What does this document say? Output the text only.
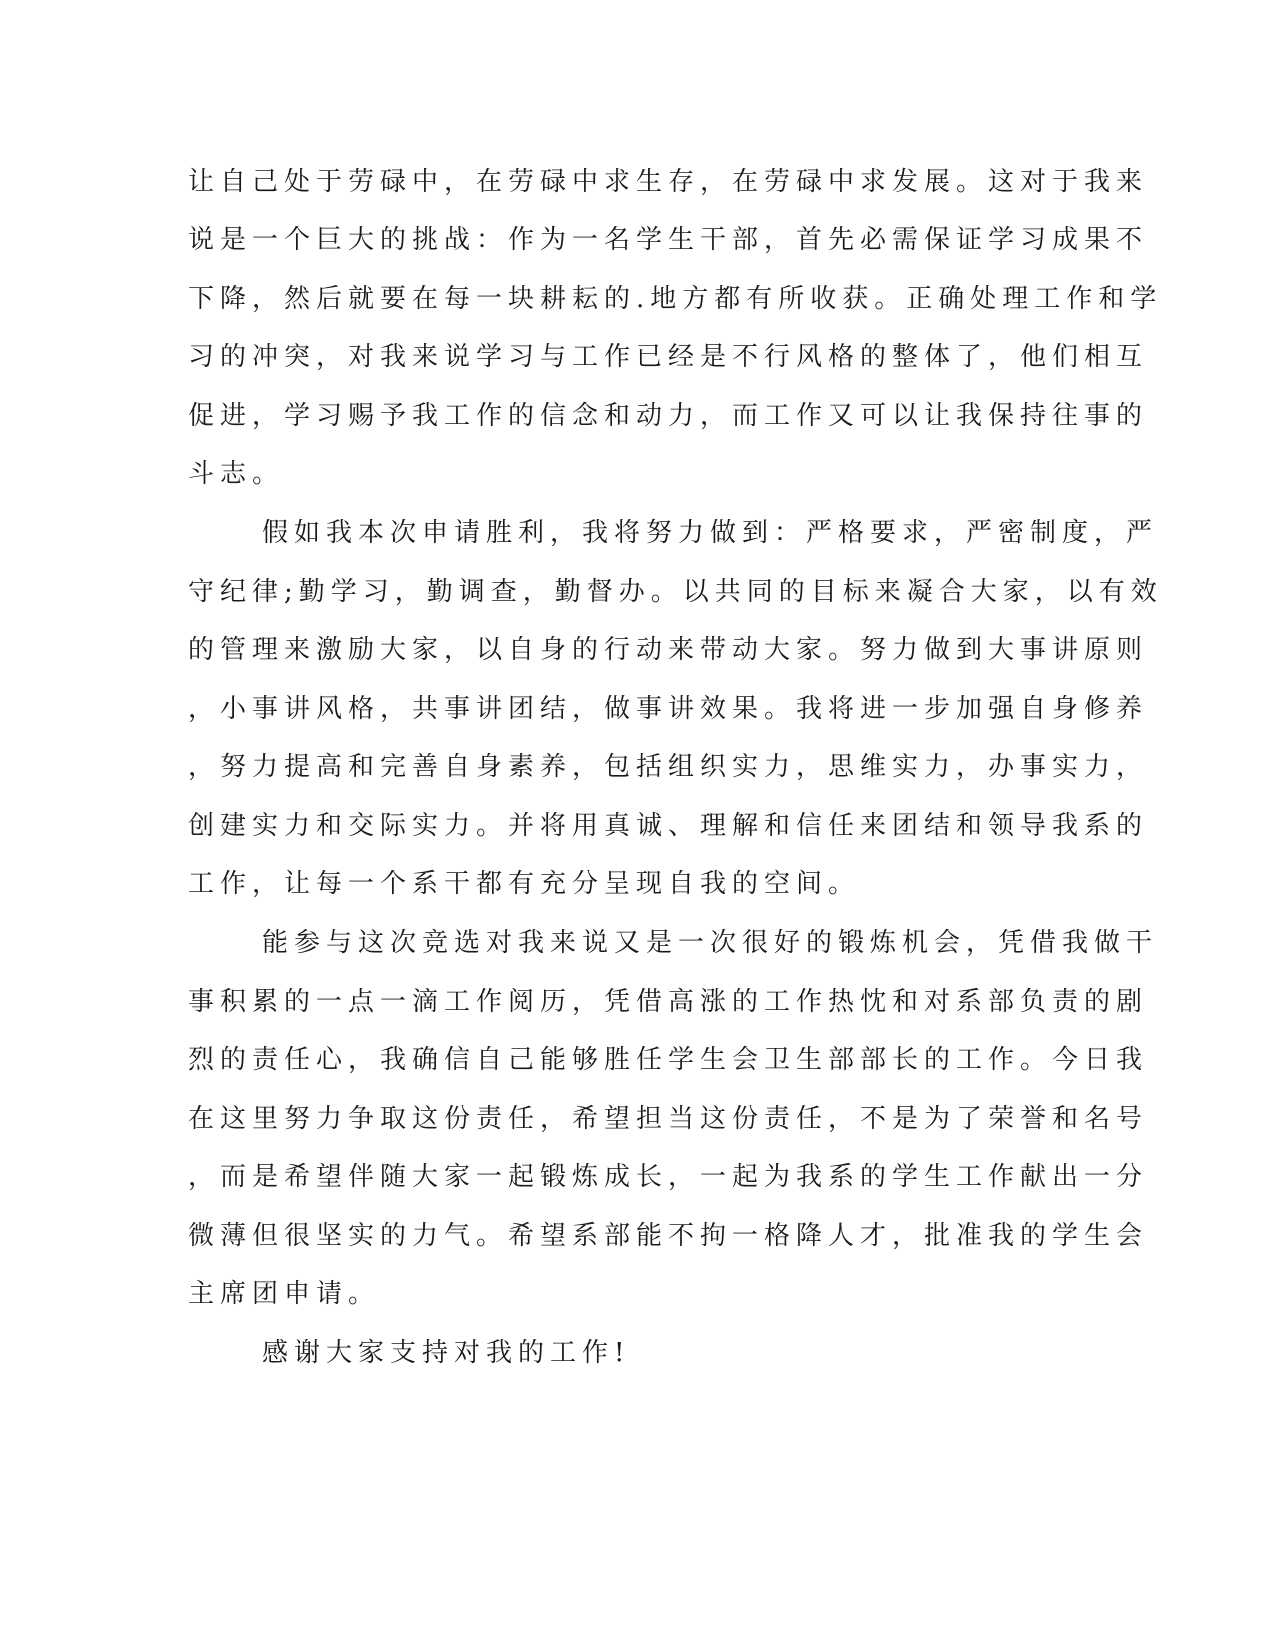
让自己处于劳碌中，在劳碌中求生存，在劳碌中求发展。这对于我来
说是一个巨大的挑战：作为一名学生干部，首先必需保证学习成果不
下降，然后就要在每一块耕耘的.地方都有所收获。正确处理工作和学
习的冲突，对我来说学习与工作已经是不行风格的整体了，他们相互
促进，学习赐予我工作的信念和动力，而工作又可以让我保持往事的
斗志。
假如我本次申请胜利，我将努力做到：严格要求，严密制度，严
守纪律;勤学习，勤调查，勤督办。以共同的目标来凝合大家，以有效
的管理来激励大家，以自身的行动来带动大家。努力做到大事讲原则
，小事讲风格，共事讲团结，做事讲效果。我将进一步加强自身修养
，努力提高和完善自身素养，包括组织实力，思维实力，办事实力，
创建实力和交际实力。并将用真诚、理解和信任来团结和领导我系的
工作，让每一个系干都有充分呈现自我的空间。
能参与这次竞选对我来说又是一次很好的锻炼机会，凭借我做干
事积累的一点一滴工作阅历，凭借高涨的工作热忱和对系部负责的剧
烈的责任心，我确信自己能够胜任学生会卫生部部长的工作。今日我
在这里努力争取这份责任，希望担当这份责任，不是为了荣誉和名号
，而是希望伴随大家一起锻炼成长，一起为我系的学生工作献出一分
微薄但很坚实的力气。希望系部能不拘一格降人才，批准我的学生会
主席团申请。
感谢大家支持对我的工作!
